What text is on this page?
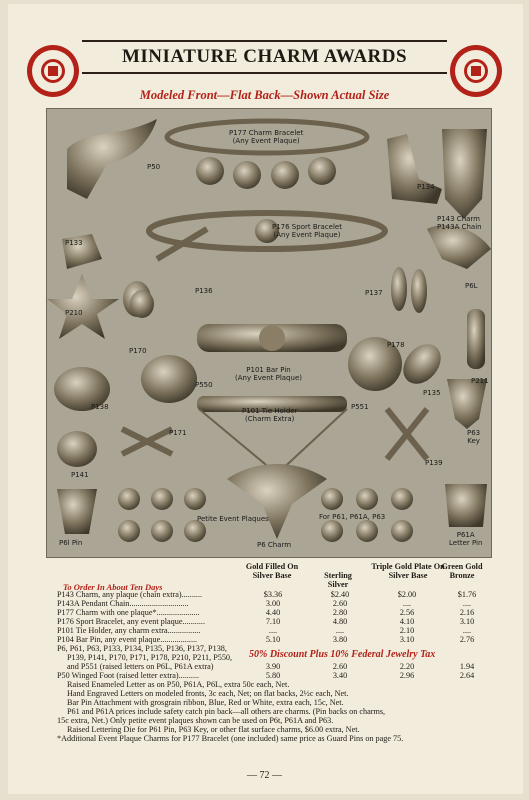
MINIATURE CHARM AWARDS
Modeled Front—Flat Back—Shown Actual Size
P50
P177 Charm Bracelet
(Any Event Plaque)
P134
P143 Charm
P143A Chain
P176 Sport Bracelet
(Any Event Plaque)
P133
P136	P137
P6L
P210
P170
P178
P101 Bar Pin
(Any Event Plaque)
P135
P211
P138
P550
P551
P101 Tie Holder
(Charm Extra)
P139
P63
Key
P171
P141
Petite Event Plaques	For P61, P61A, P63
P6 Charm
P6l Pin
P61A
Letter Pin
To Order In About Ten Days
Gold Filled On Silver Base	Sterling Silver
Triple Gold Plate On Silver Base
Green Gold Bronze
P143 Charm, any plaque (chain extra)..........	$3.36	$2.40	$2.00	$1.76
P143A Pendant Chain.............................	3.00	2.60	....	....
P177 Charm with one plaque*.....................	4.40	2.80	2.56	2.16
P176 Sport Bracelet, any event plaque...........	7.10	4.80	4.10	3.10
P101 Tie Holder, any charm extra................	....	....	2.10	....
P104 Bar Pin, any event plaque..................	5.10	3.80	3.10	2.76
P6, P61, P63, P133, P134, P135, P136, P137, P138,
P139, P141, P170, P171, P178, P210, P211, P550,
and P551 (raised letters on P6L, P61A extra)	3.90	2.60	2.20	1.94
50% Discount Plus 10% Federal Jewelry Tax
P50 Winged Foot (raised letter extra)..........	5.80	3.40	2.96	2.64
Raised Enameled Letter as on P50, P61A, P6L, extra 50c each, Net.
Hand Engraved Letters on modeled fronts, 3c each, Net; on flat backs, 2½c each, Net.
Bar Pin Attachment with grosgrain ribbon, Blue, Red or White, extra each, 15c, Net.
P61 and P61A prices include safety catch pin back—all others are charms. (Pin backs on charms,
15c extra, Net.) Only petite event plaques shown can be used on P6t, P61A and P63.
Raised Lettering Die for P61 Pin, P63 Key, or other flat surface charms, $6.00 extra, Net.
*Additional Event Plaque Charms for P177 Bracelet (one included) same price as Guard Pins on page 75.
— 72 —
